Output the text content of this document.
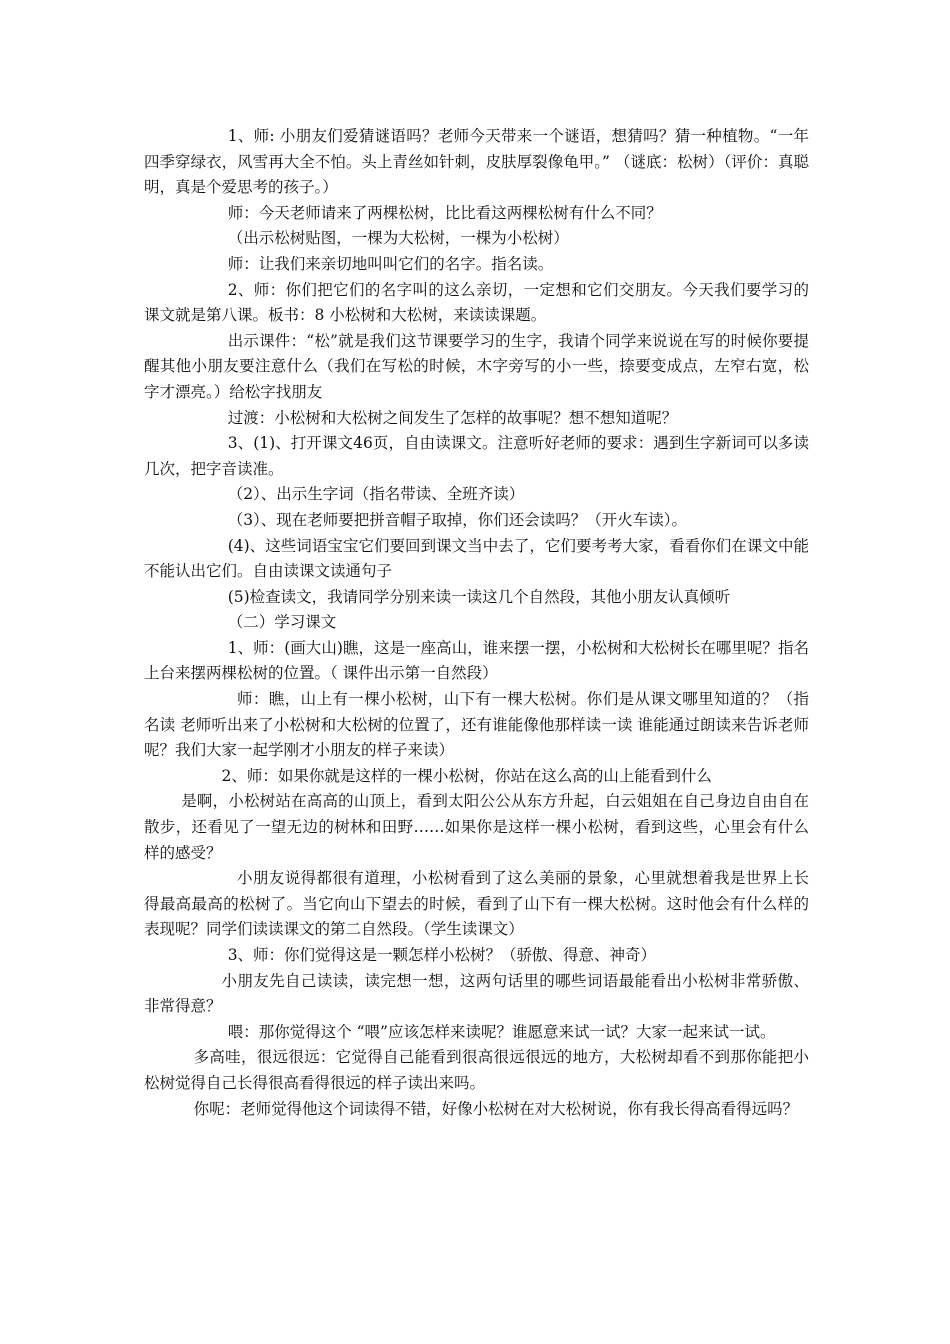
1、师: 小朋友们爱猜谜语吗？老师今天带来一个谜语，想猜吗？猜一种植物。“一年四季穿绿衣，风雪再大全不怕。头上青丝如针刺，皮肤厚裂像龟甲。” （谜底：松树）（评价：真聪明，真是个爱思考的孩子。）

师：今天老师请来了两棵松树，比比看这两棵松树有什么不同？

（出示松树贴图，一棵为大松树，一棵为小松树）

师：让我们来亲切地叫叫它们的名字。指名读。

2、师：你们把它们的名字叫的这么亲切，一定想和它们交朋友。今天我们要学习的课文就是第八课。板书：8 小松树和大松树，来读读课题。

出示课件：“松”就是我们这节课要学习的生字，我请个同学来说说在写的时候你要提醒其他小朋友要注意什么（我们在写松的时候，木字旁写的小一些，捺要变成点，左窄右宽，松字才漂亮。）给松字找朋友

过渡：小松树和大松树之间发生了怎样的故事呢？想不想知道呢？

3、(1)、打开课文46页，自由读课文。注意听好老师的要求：遇到生字新词可以多读几次，把字音读准。

（2）、出示生字词（指名带读、全班齐读）

（3）、现在老师要把拼音帽子取掉，你们还会读吗？（开火车读）。

(4)、这些词语宝宝它们要回到课文当中去了，它们要考考大家，看看你们在课文中能不能认出它们。自由读课文读通句子

(5)检查读文，我请同学分别来读一读这几个自然段，其他小朋友认真倾听

（二）学习课文

1、师：(画大山)瞧，这是一座高山，谁来摆一摆，小松树和大松树长在哪里呢？指名上台来摆两棵松树的位置。（ 课件出示第一自然段）

师：瞧，山上有一棵小松树，山下有一棵大松树。你们是从课文哪里知道的？（指名读 老师听出来了小松树和大松树的位置了，还有谁能像他那样读一读 谁能通过朗读来告诉老师呢？我们大家一起学刚才小朋友的样子来读）

2、师：如果你就是这样的一棵小松树，你站在这么高的山上能看到什么

是啊，小松树站在高高的山顶上，看到太阳公公从东方升起，白云姐姐在自己身边自由自在散步，还看见了一望无边的树林和田野……如果你是这样一棵小松树，看到这些，心里会有什么样的感受？

小朋友说得都很有道理，小松树看到了这么美丽的景象，心里就想着我是世界上长得最高最高的松树了。当它向山下望去的时候，看到了山下有一棵大松树。这时他会有什么样的表现呢？同学们读读课文的第二自然段。（学生读课文）

3、师：你们觉得这是一颗怎样小松树？（骄傲、得意、神奇）

小朋友先自己读读，读完想一想，这两句话里的哪些词语最能看出小松树非常骄傲、非常得意？

喂：那你觉得这个 “喂”应该怎样来读呢？谁愿意来试一试？大家一起来试一试。

多高哇，很远很远：它觉得自己能看到很高很远很远的地方，大松树却看不到那你能把小松树觉得自己长得很高看得很远的样子读出来吗。

你呢：老师觉得他这个词读得不错，好像小松树在对大松树说，你有我长得高看得远吗？
